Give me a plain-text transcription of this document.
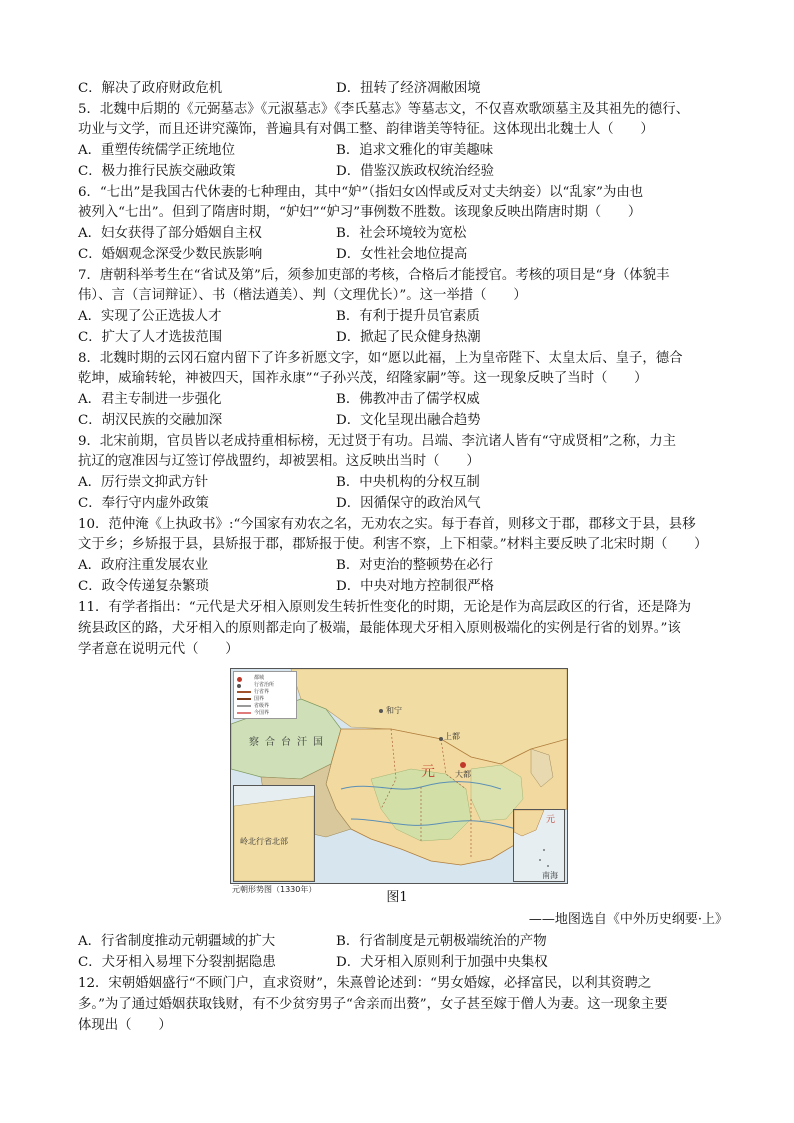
C．解决了政府财政危机	D．扭转了经济凋敝困境
5．北魏中后期的《元弼墓志》《元淑墓志》《李氏墓志》等墓志文，不仅喜欢歌颂墓主及其祖先的德行、
功业与文学，而且还讲究藻饰，普遍具有对偶工整、韵律谐美等特征。这体现出北魏士人（　　）
A．重塑传统儒学正统地位	B．追求文雅化的审美趣味
C．极力推行民族交融政策	D．借鉴汉族政权统治经验
6．“七出”是我国古代休妻的七种理由，其中“妒”（指妇女凶悍或反对丈夫纳妾）以“乱家”为由也
被列入“七出”。但到了隋唐时期，“妒妇”“妒习”事例数不胜数。该现象反映出隋唐时期（　　）
A．妇女获得了部分婚姻自主权	B．社会环境较为宽松
C．婚姻观念深受少数民族影响	D．女性社会地位提高
7．唐朝科举考生在“省试及第”后，须参加吏部的考核，合格后才能授官。考核的项目是“身（体貌丰
伟）、言（言词辩证）、书（楷法遒美）、判（文理优长）”。这一举措（　　）
A．实现了公正选拔人才	B．有利于提升员官素质
C．扩大了人才选拔范围	D．掀起了民众健身热潮
8．北魏时期的云冈石窟内留下了许多祈愿文字，如“愿以此福，上为皇帝陛下、太皇太后、皇子，德合
乾坤，威瑜转轮，神被四天，国祚永康”“子孙兴茂，绍隆家嗣”等。这一现象反映了当时（　　）
A．君主专制进一步强化	B．佛教冲击了儒学权威
C．胡汉民族的交融加深	D．文化呈现出融合趋势
9．北宋前期，官员皆以老成持重相标榜，无过贤于有功。吕端、李沆诸人皆有“守成贤相”之称，力主
抗辽的寇准因与辽签订停战盟约，却被罢相。这反映出当时（　　）
A．厉行崇文抑武方针	B．中央机构的分权互制
C．奉行守内虚外政策	D．因循保守的政治风气
10．范仲淹《上执政书》:“今国家有劝农之名，无劝农之实。每于春首，则移文于郡，郡移文于县，县移
文于乡；乡矫报于县，县矫报于郡，郡矫报于使。利害不察，上下相蒙。”材料主要反映了北宋时期（　　）
A．政府注重发展农业	B．对吏治的整顿势在必行
C．政令传递复杂繁琐	D．中央对地方控制很严格
11．有学者指出：“元代是犬牙相入原则发生转折性变化的时期，无论是作为高层政区的行省，还是降为
统县政区的路，犬牙相入的原则都走向了极端，最能体现犬牙相入原则极端化的实例是行省的划界。”该
学者意在说明元代（　　）
都城
行省治所
行省界
国界
省级界
今国界
察合台汗国
元	大都
上都
和宁
岭北行省北部
元
南海
元朝形势图（1330年）
图1
——地图选自《中外历史纲要·上》
A．行省制度推动元朝疆域的扩大	B．行省制度是元朝极端统治的产物
C．犬牙相入易埋下分裂割据隐患	D．犬牙相入原则利于加强中央集权
12．宋朝婚姻盛行“不顾门户，直求资财”，朱熹曾论述到：“男女婚嫁，必择富民，以利其资聘之
多。”为了通过婚姻获取钱财，有不少贫穷男子“舍亲而出赘”，女子甚至嫁于僧人为妻。这一现象主要
体现出（　　）
